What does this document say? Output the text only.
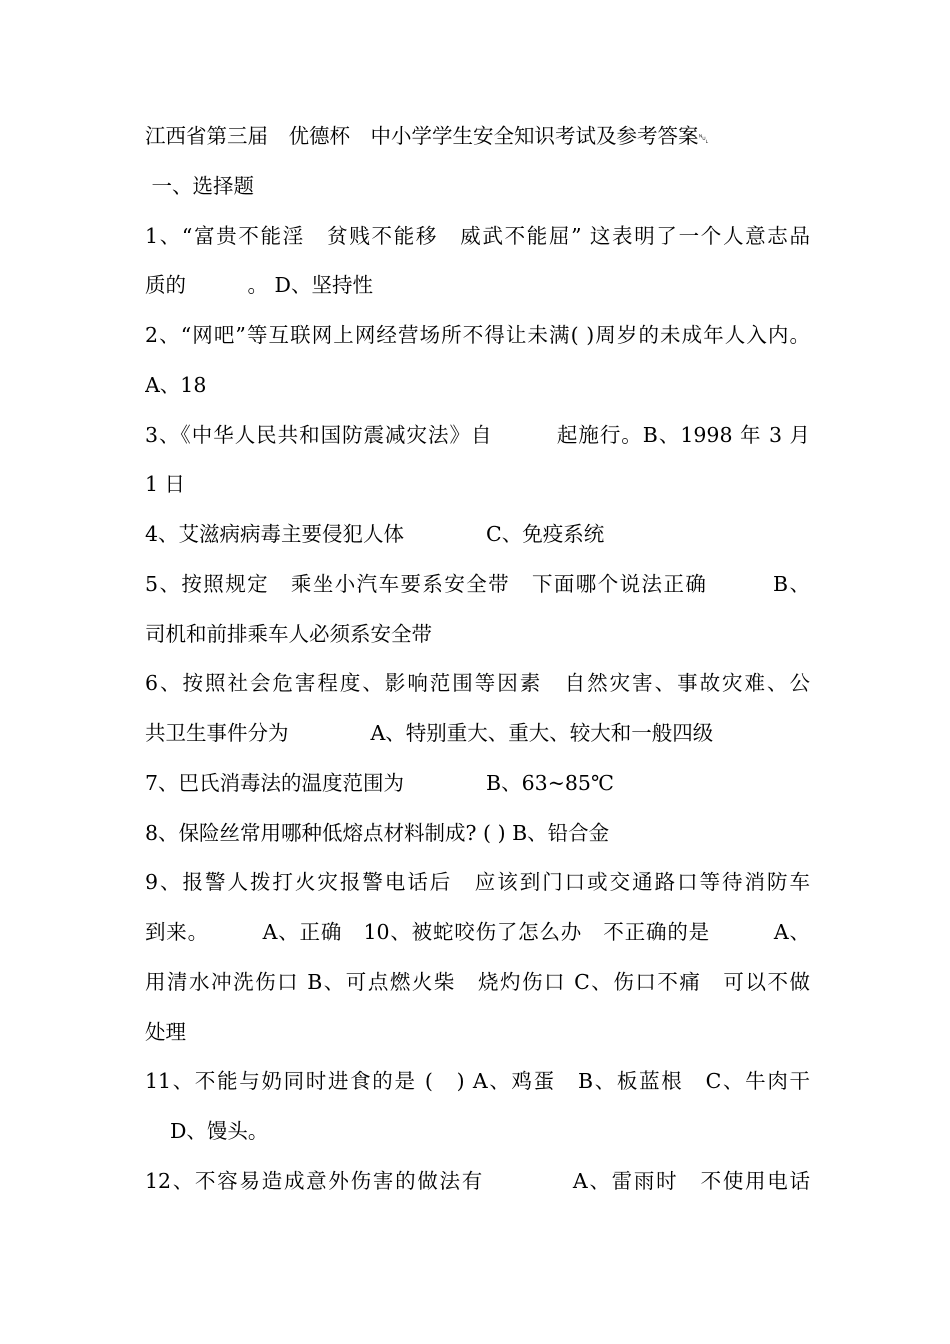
江西省第三届　优德杯　中小学学生安全知识考试及参考答案␀
一、选择题
1、“富贵不能淫　贫贱不能移　威武不能屈” 这表明了一个人意志品
质的　　　。 D、坚持性
2、“网吧”等互联网上网经营场所不得让未满( )周岁的未成年人入内。
A、18
3、《中华人民共和国防震减灾法》自　　　起施行。B、1998 年 3 月
1 日
4、艾滋病病毒主要侵犯人体　　　　C、免疫系统
5、按照规定　乘坐小汽车要系安全带　下面哪个说法正确　　　B、
司机和前排乘车人必须系安全带
6、按照社会危害程度、影响范围等因素　自然灾害、事故灾难、公
共卫生事件分为　　　　A、特别重大、重大、较大和一般四级
7、巴氏消毒法的温度范围为　　　　B、63~85℃
8、保险丝常用哪种低熔点材料制成? ( ) B、铅合金
9、报警人拨打火灾报警电话后　应该到门口或交通路口等待消防车
到来。　　　A、正确　10、被蛇咬伤了怎么办　不正确的是　　　A、
用清水冲洗伤口 B、可点燃火柴　烧灼伤口 C、伤口不痛　可以不做
处理
11、不能与奶同时进食的是 (　) A、鸡蛋　B、板蓝根　C、牛肉干
D、馒头。
12、不容易造成意外伤害的做法有　　　　A、雷雨时　不使用电话
